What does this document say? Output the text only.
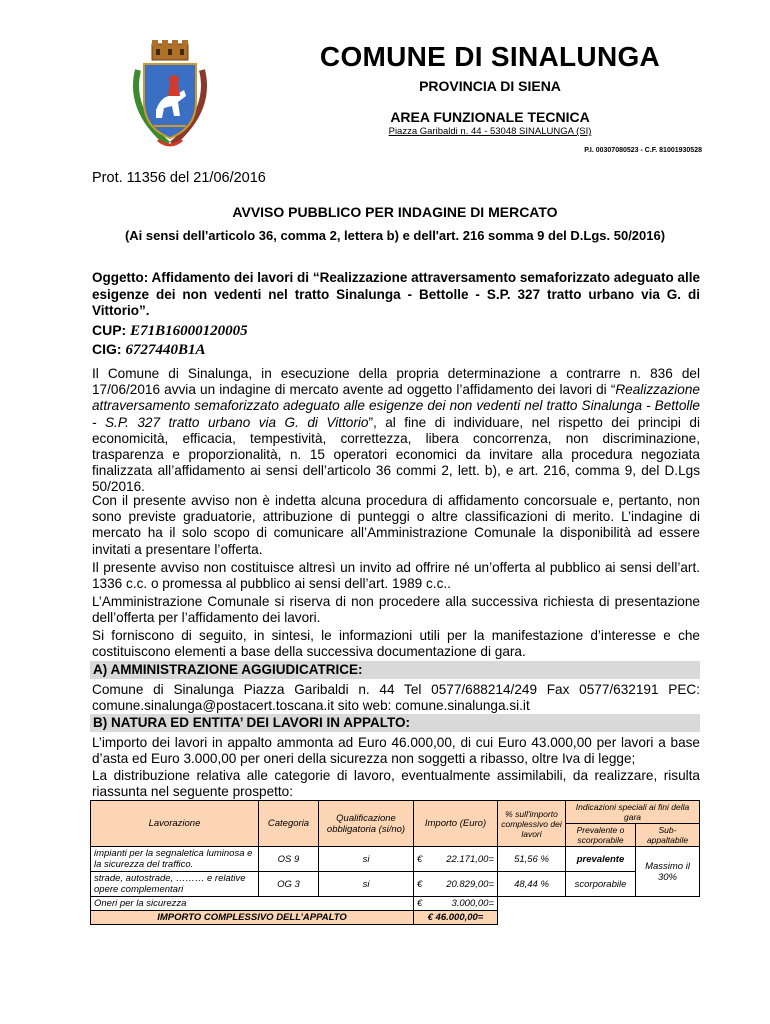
COMUNE DI SINALUNGA
PROVINCIA DI SIENA
AREA FUNZIONALE TECNICA
Piazza Garibaldi n. 44 - 53048 SINALUNGA (SI)
P.I. 00307080523 - C.F. 81001930528
Prot. 11356 del 21/06/2016
AVVISO PUBBLICO PER INDAGINE DI MERCATO
(Ai sensi dell'articolo 36, comma 2, lettera b) e dell'art. 216 somma 9 del D.Lgs. 50/2016)
Oggetto: Affidamento dei lavori di “Realizzazione attraversamento semaforizzato adeguato alle esigenze dei non vedenti nel tratto Sinalunga - Bettolle - S.P. 327 tratto urbano via G. di Vittorio”.
CUP: E71B16000120005
CIG: 6727440B1A
Il Comune di Sinalunga, in esecuzione della propria determinazione a contrarre n. 836 del 17/06/2016 avvia un indagine di mercato avente ad oggetto l’affidamento dei lavori di “Realizzazione attraversamento semaforizzato adeguato alle esigenze dei non vedenti nel tratto Sinalunga - Bettolle - S.P. 327 tratto urbano via G. di Vittorio”, al fine di individuare, nel rispetto dei principi di economicità, efficacia, tempestività, correttezza, libera concorrenza, non discriminazione, trasparenza e proporzionalità, n. 15 operatori economici da invitare alla procedura negoziata finalizzata all’affidamento ai sensi dell’articolo 36 commi 2, lett. b), e art. 216, comma 9, del D.Lgs 50/2016.
Con il presente avviso non è indetta alcuna procedura di affidamento concorsuale e, pertanto, non sono previste graduatorie, attribuzione di punteggi o altre classificazioni di merito. L’indagine di mercato ha il solo scopo di comunicare all’Amministrazione Comunale la disponibilità ad essere invitati a presentare l’offerta.
Il presente avviso non costituisce altresì un invito ad offrire né un’offerta al pubblico ai sensi dell’art. 1336 c.c. o promessa al pubblico ai sensi dell’art. 1989 c.c..
L’Amministrazione Comunale si riserva di non procedere alla successiva richiesta di presentazione dell’offerta per l’affidamento dei lavori.
Si forniscono di seguito, in sintesi, le informazioni utili per la manifestazione d’interesse e che costituiscono elementi a base della successiva documentazione di gara.
A) AMMINISTRAZIONE AGGIUDICATRICE:
Comune di Sinalunga Piazza Garibaldi n. 44 Tel 0577/688214/249 Fax 0577/632191 PEC: comune.sinalunga@postacert.toscana.it sito web: comune.sinalunga.si.it
B) NATURA ED ENTITA’ DEI LAVORI IN APPALTO:
L’importo dei lavori in appalto ammonta ad Euro 46.000,00, di cui Euro 43.000,00 per lavori a base d’asta ed Euro 3.000,00 per oneri della sicurezza non soggetti a ribasso, oltre Iva di legge;
La distribuzione relativa alle categorie di lavoro, eventualmente assimilabili, da realizzare, risulta riassunta nel seguente prospetto:
Lavorazione	Categoria	Qualificazione obbligatoria (si/no)	Importo (Euro)		% sull'importo complessivo dei lavori	Indicazioni speciali ai fini della gara	
						Prevalente o scorporabile	Sub-appaltabile
impianti per la segnaletica luminosa e la sicurezza del traffico.	OS 9	si	€	22.171,00=	51,56 %	prevalente	Massimo il 30%
strade, autostrade, ……… e relative opere complementari	OG 3	si	€	20.829,00=	48,44 %	scorporabile	
Oneri per la sicurezza			€	3.000,00=			
IMPORTO COMPLESSIVO DELL’APPALTO			€ 46.000,00=				
